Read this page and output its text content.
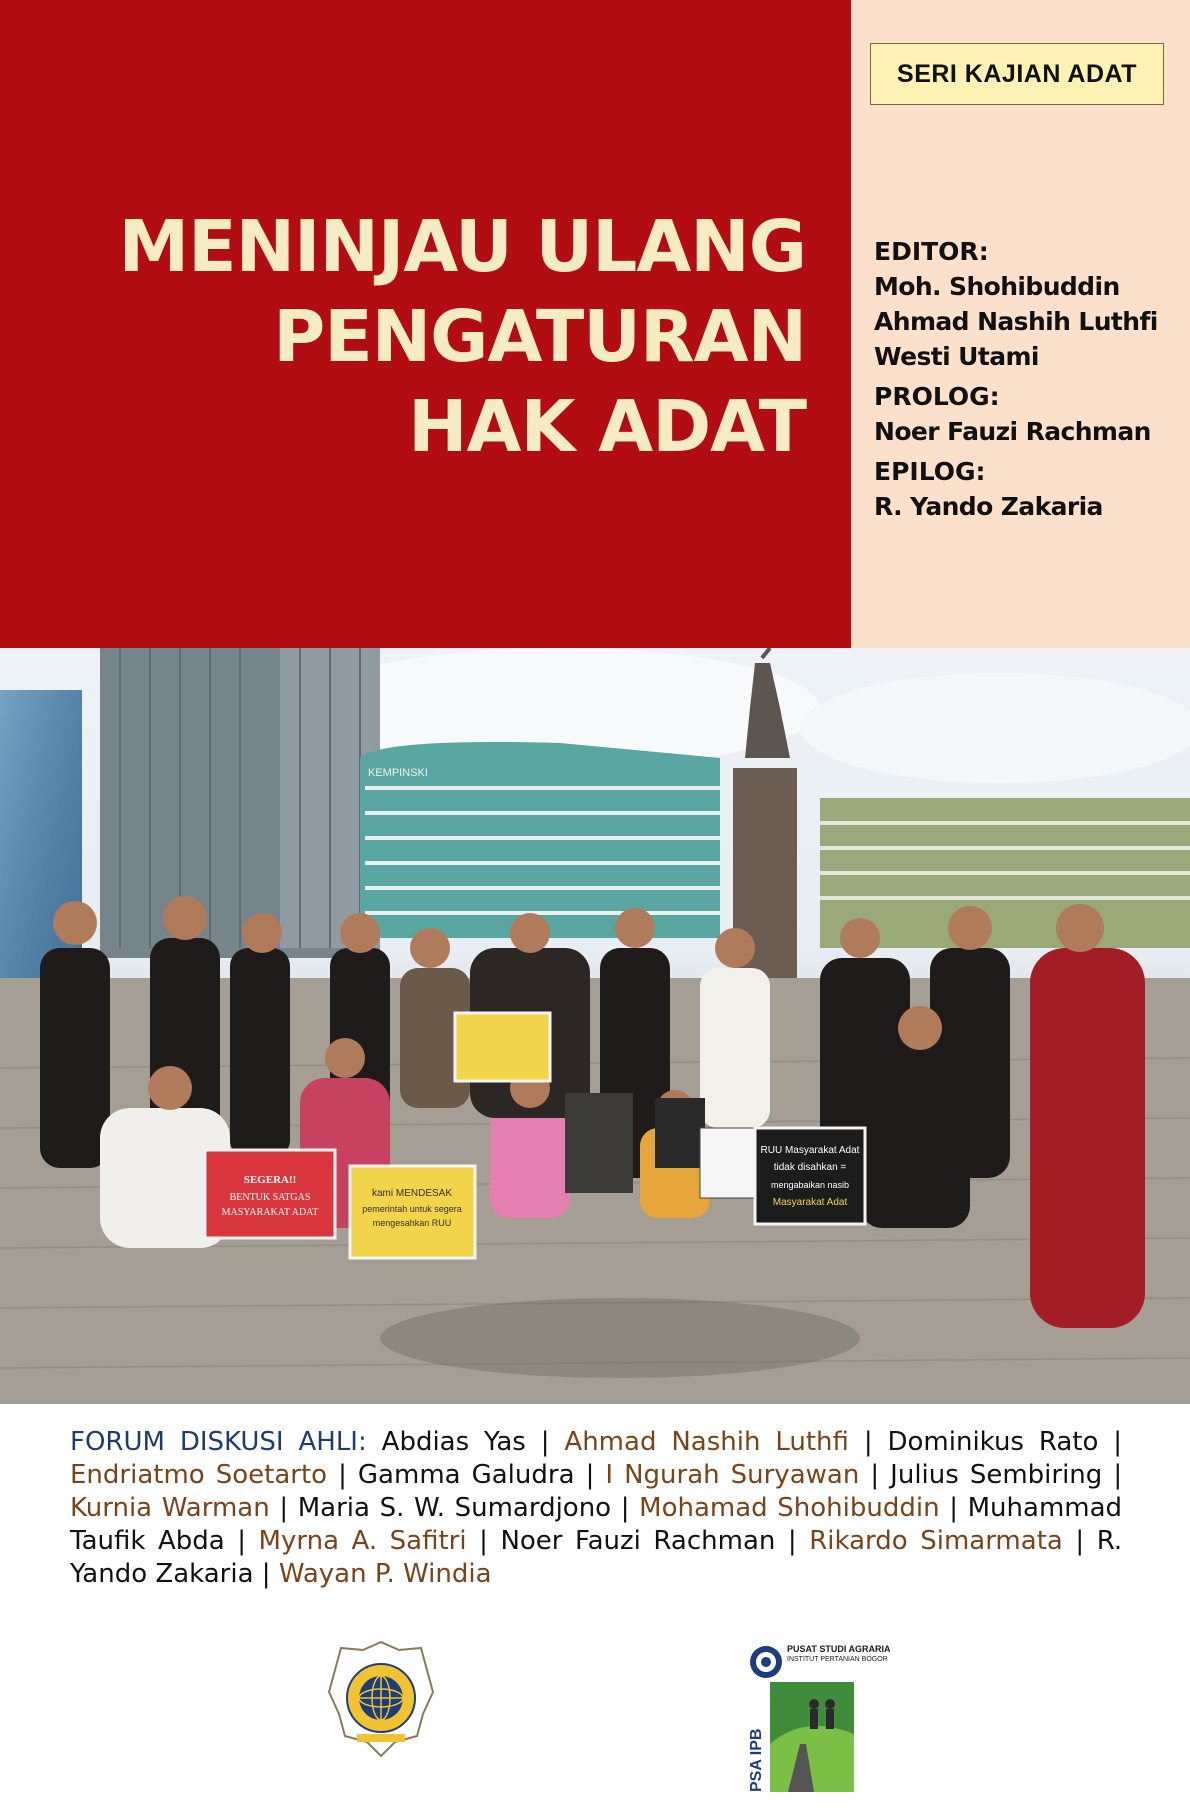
MENINJAU ULANG
PENGATURAN
HAK ADAT
SERI KAJIAN ADAT
EDITOR:
Moh. Shohibuddin
Ahmad Nashih Luthfi
Westi Utami
PROLOG:
Noer Fauzi Rachman
EPILOG:
R. Yando Zakaria
KEMPINSKI
SEGERA!!
BENTUK SATGAS
MASYARAKAT ADAT
kami MENDESAK
pemerintah untuk segera
mengesahkan RUU
RUU Masyarakat Adat
tidak disahkan =
mengabaikan nasib
Masyarakat Adat
FORUM DISKUSI AHLI: Abdias Yas | Ahmad Nashih Luthfi | Dominikus Rato | Endriatmo Soetarto | Gamma Galudra | I Ngurah Suryawan | Julius Sembiring | Kurnia Warman | Maria S. W. Sumardjono | Mohamad Shohibuddin | Muhammad Taufik Abda | Myrna A. Safitri | Noer Fauzi Rachman | Rikardo Simarmata | R. Yando Zakaria | Wayan P. Windia
PSA IPB
PUSAT STUDI AGRARIA
INSTITUT PERTANIAN BOGOR
